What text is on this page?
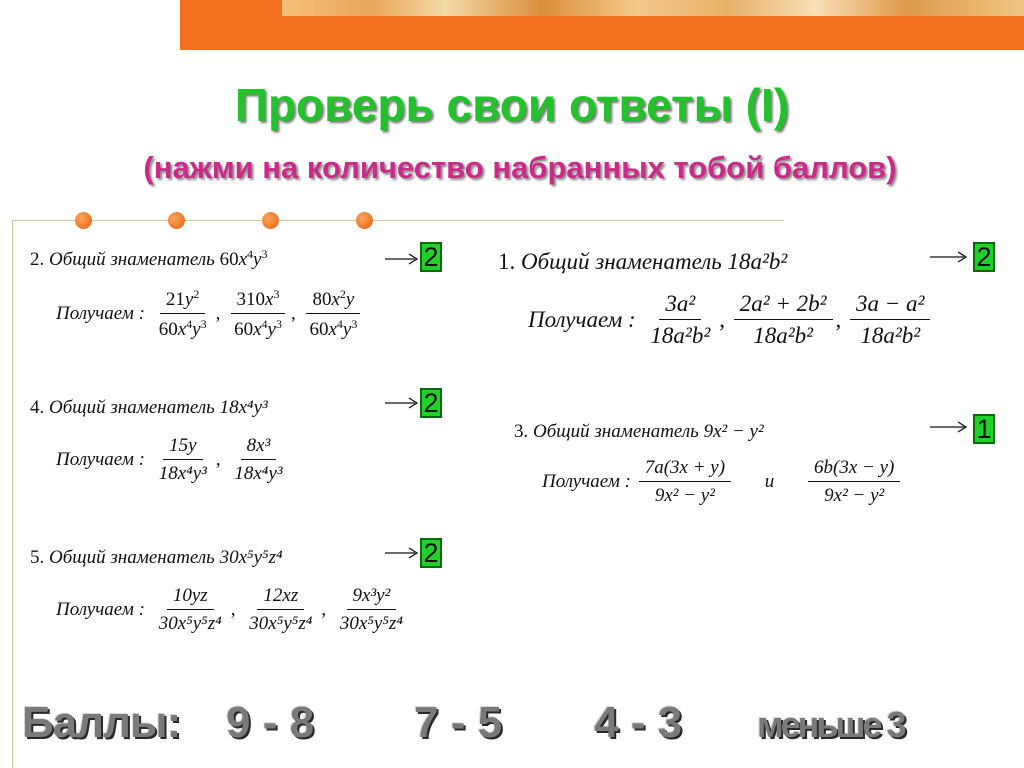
Проверь свои ответы (I)
(нажми на количество набранных тобой баллов)
2. Общий знаменатель $60x^4y^3$	2
Получаем : $\frac{21y^2}{60x^4y^3}$ , $\frac{310x^3}{60x^4y^3}$ , $\frac{80x^2y}{60x^4y^3}$
1. Общий знаменатель 18a²b²	2
Получаем : $\frac{\text{3a²}}{\text{18a²b²}}$ , $\frac{\text{2a² + 2b²}}{\text{18a²b²}}$ , $\frac{\text{3a − a²}}{\text{18a²b²}}$
4. Общий знаменатель 18x⁴y³	2
Получаем : $\frac{15y}{\text{18x⁴y³}}$ , $\frac{\text{8x³}}{\text{18x⁴y³}}$
3. Общий знаменатель 9x² − y²	1
Получаем : $\frac{7a(3x + y)}{\text{9x² − y²}}$ и $\frac{6b(3x - y)}{\text{9x² − y²}}$
5. Общий знаменатель 30x⁵y⁵z⁴	2
Получаем : $\frac{10yz}{\text{30x⁵y⁵z⁴}}$ , $\frac{12xz}{\text{30x⁵y⁵z⁴}}$ , $\frac{\text{9x³y²}}{\text{30x⁵y⁵z⁴}}$
Баллы: 9 - 8 7 - 5 4 - 3 меньше 3
